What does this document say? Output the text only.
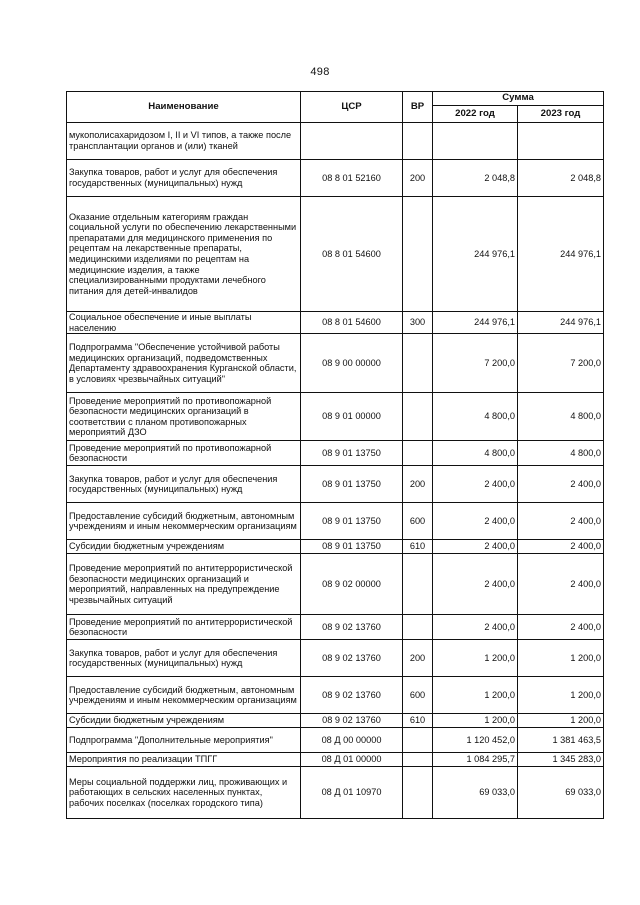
498
Наименование	ЦСР	ВР	Сумма	
			2022 год	2023 год
мукополисахаридозом I, II и VI типов, а также после трансплантации органов и (или) тканей				
Закупка товаров, работ и услуг для обеспечения государственных (муниципальных) нужд	08 8 01 52160	200	2 048,8	2 048,8
Оказание отдельным категориям граждан социальной услуги по обеспечению лекарственными препаратами для медицинского применения по рецептам на лекарственные препараты, медицинскими изделиями по рецептам на медицинские изделия, а также специализированными продуктами лечебного питания для детей-инвалидов	08 8 01 54600		244 976,1	244 976,1
Социальное обеспечение и иные выплаты населению	08 8 01 54600	300	244 976,1	244 976,1
Подпрограмма "Обеспечение устойчивой работы медицинских организаций, подведомственных Департаменту здравоохранения Курганской области, в условиях чрезвычайных ситуаций"	08 9 00 00000		7 200,0	7 200,0
Проведение мероприятий по противопожарной безопасности медицинских организаций в соответствии с планом противопожарных мероприятий ДЗО	08 9 01 00000		4 800,0	4 800,0
Проведение мероприятий по противопожарной безопасности	08 9 01 13750		4 800,0	4 800,0
Закупка товаров, работ и услуг для обеспечения государственных (муниципальных) нужд	08 9 01 13750	200	2 400,0	2 400,0
Предоставление субсидий бюджетным, автономным учреждениям и иным некоммерческим организациям	08 9 01 13750	600	2 400,0	2 400,0
Субсидии бюджетным учреждениям	08 9 01 13750	610	2 400,0	2 400,0
Проведение мероприятий по антитеррористической безопасности медицинских организаций и мероприятий, направленных на предупреждение чрезвычайных ситуаций	08 9 02 00000		2 400,0	2 400,0
Проведение мероприятий по антитеррористической безопасности	08 9 02 13760		2 400,0	2 400,0
Закупка товаров, работ и услуг для обеспечения государственных (муниципальных) нужд	08 9 02 13760	200	1 200,0	1 200,0
Предоставление субсидий бюджетным, автономным учреждениям и иным некоммерческим организациям	08 9 02 13760	600	1 200,0	1 200,0
Субсидии бюджетным учреждениям	08 9 02 13760	610	1 200,0	1 200,0
Подпрограмма "Дополнительные мероприятия"	08 Д 00 00000		1 120 452,0	1 381 463,5
Мероприятия по реализации ТПГГ	08 Д 01 00000		1 084 295,7	1 345 283,0
Меры социальной поддержки лиц, проживающих и работающих в сельских населенных пунктах, рабочих поселках (поселках городского типа)	08 Д 01 10970		69 033,0	69 033,0
